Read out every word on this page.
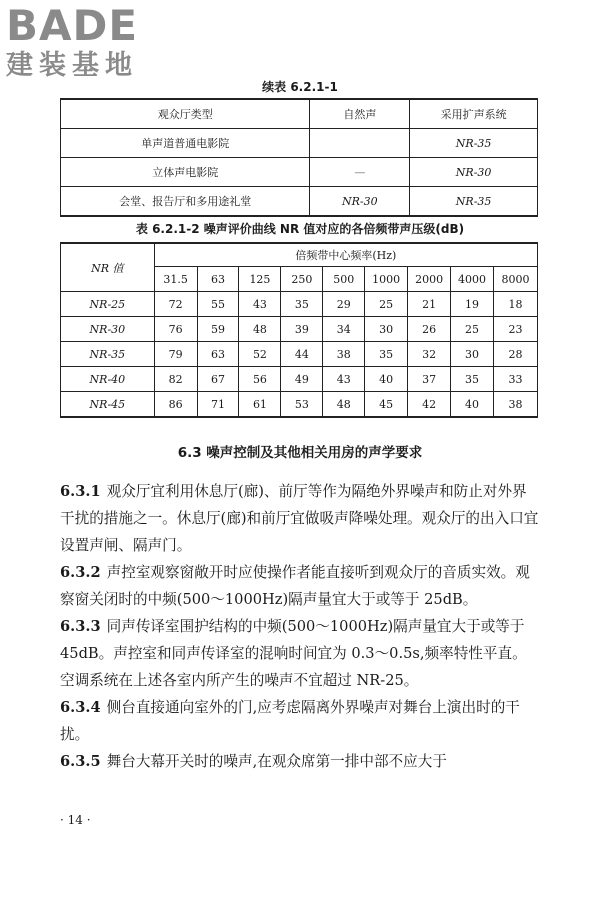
BADE
建装基地
续表 6.2.1-1
观众厅类型	自然声	采用扩声系统
单声道普通电影院		NR-35
立体声电影院	—	NR-30
会堂、报告厅和多用途礼堂	NR-30	NR-35
表 6.2.1-2 噪声评价曲线 NR 值对应的各倍频带声压级(dB)
NR 值	倍频带中心频率(Hz)								
	31.5	63	125	250	500	1000	2000	4000	8000
NR-25	72	55	43	35	29	25	21	19	18
NR-30	76	59	48	39	34	30	26	25	23
NR-35	79	63	52	44	38	35	32	30	28
NR-40	82	67	56	49	43	40	37	35	33
NR-45	86	71	61	53	48	45	42	40	38
6.3 噪声控制及其他相关用房的声学要求

6.3.1 观众厅宜利用休息厅(廊)、前厅等作为隔绝外界噪声和防止对外界干扰的措施之一。休息厅(廊)和前厅宜做吸声降噪处理。观众厅的出入口宜设置声闸、隔声门。

6.3.2 声控室观察窗敞开时应使操作者能直接听到观众厅的音质实效。观察窗关闭时的中频(500～1000Hz)隔声量宜大于或等于 25dB。

6.3.3 同声传译室围护结构的中频(500～1000Hz)隔声量宜大于或等于 45dB。声控室和同声传译室的混响时间宜为 0.3～0.5s,频率特性平直。空调系统在上述各室内所产生的噪声不宜超过 NR-25。

6.3.4 侧台直接通向室外的门,应考虑隔离外界噪声对舞台上演出时的干扰。

6.3.5 舞台大幕开关时的噪声,在观众席第一排中部不应大于

· 14 ·
